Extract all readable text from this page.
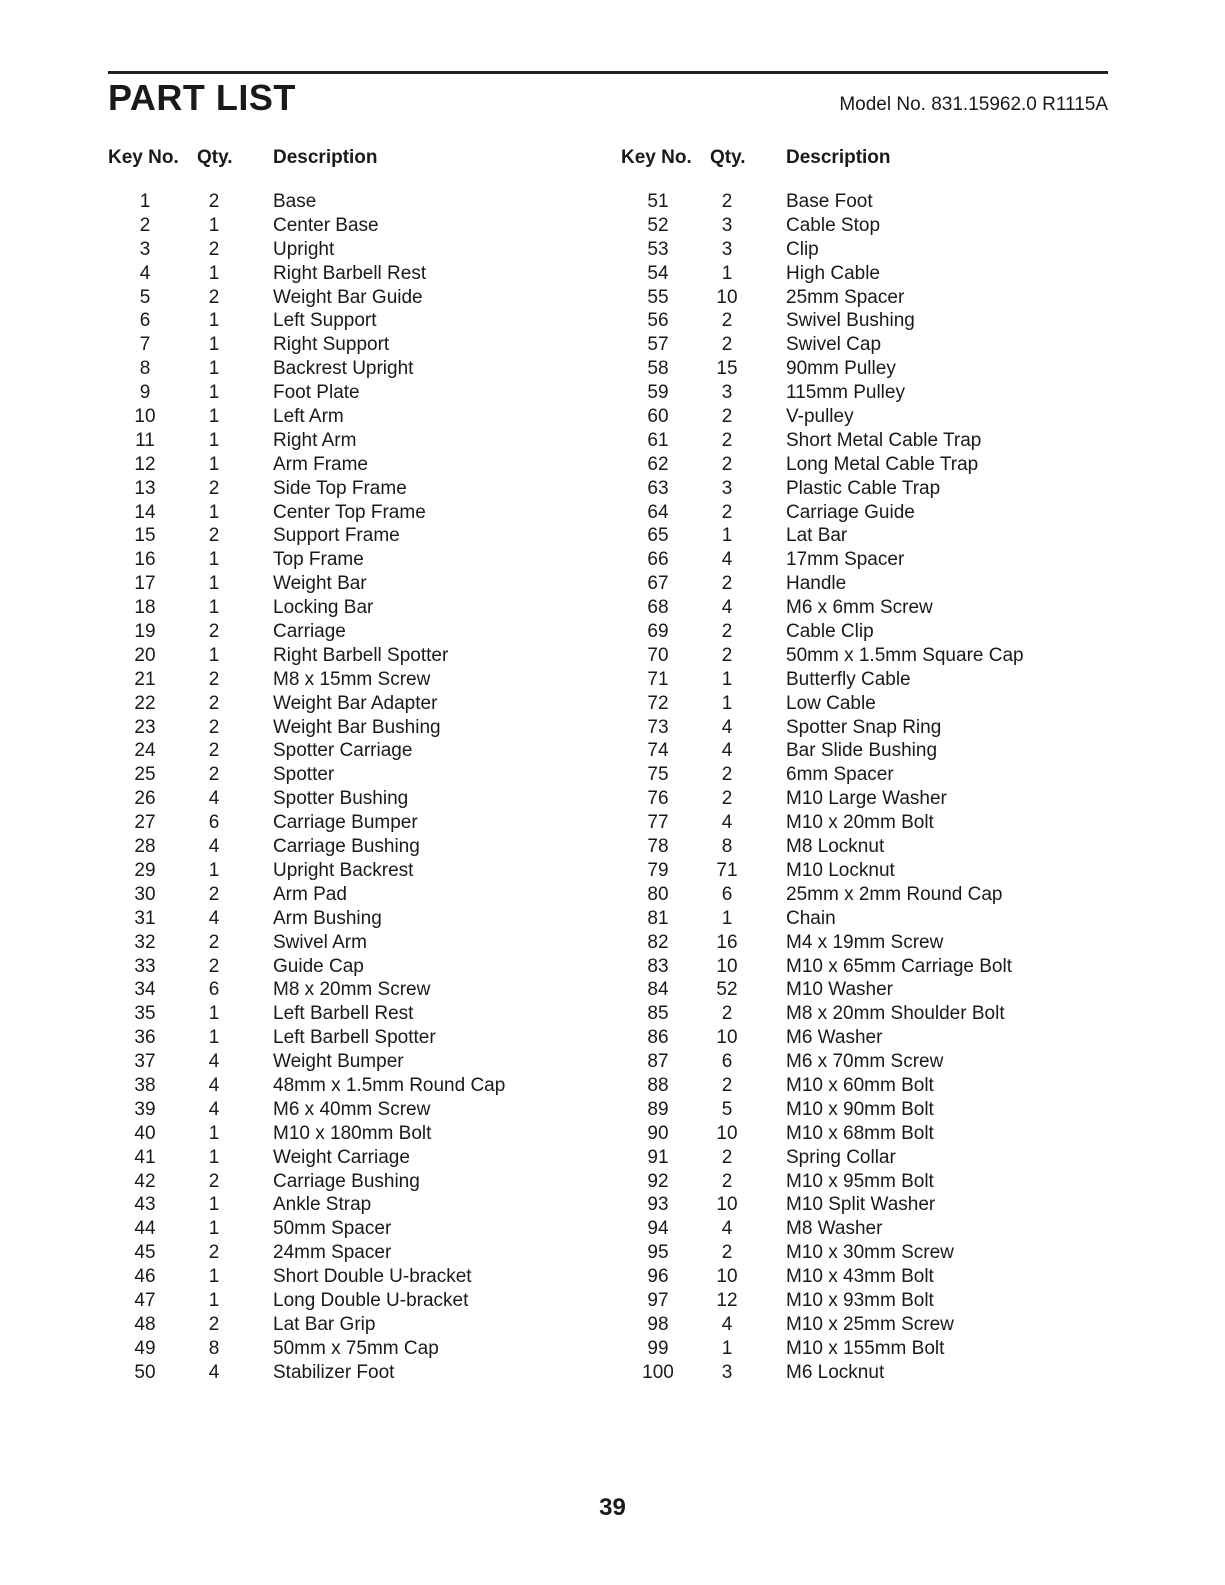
PART LIST	Model No. 831.15962.0 R1115A
Key No. Qty. Description
1	2	Base
2	1	Center Base
3	2	Upright
4	1	Right Barbell Rest
5	2	Weight Bar Guide
6	1	Left Support
7	1	Right Support
8	1	Backrest Upright
9	1	Foot Plate
10	1	Left Arm
11	1	Right Arm
12	1	Arm Frame
13	2	Side Top Frame
14	1	Center Top Frame
15	2	Support Frame
16	1	Top Frame
17	1	Weight Bar
18	1	Locking Bar
19	2	Carriage
20	1	Right Barbell Spotter
21	2	M8 x 15mm Screw
22	2	Weight Bar Adapter
23	2	Weight Bar Bushing
24	2	Spotter Carriage
25	2	Spotter
26	4	Spotter Bushing
27	6	Carriage Bumper
28	4	Carriage Bushing
29	1	Upright Backrest
30	2	Arm Pad
31	4	Arm Bushing
32	2	Swivel Arm
33	2	Guide Cap
34	6	M8 x 20mm Screw
35	1	Left Barbell Rest
36	1	Left Barbell Spotter
37	4	Weight Bumper
38	4	48mm x 1.5mm Round Cap
39	4	M6 x 40mm Screw
40	1	M10 x 180mm Bolt
41	1	Weight Carriage
42	2	Carriage Bushing
43	1	Ankle Strap
44	1	50mm Spacer
45	2	24mm Spacer
46	1	Short Double U-bracket
47	1	Long Double U-bracket
48	2	Lat Bar Grip
49	8	50mm x 75mm Cap
50	4	Stabilizer Foot
Key No. Qty. Description
51	2	Base Foot
52	3	Cable Stop
53	3	Clip
54	1	High Cable
55	10	25mm Spacer
56	2	Swivel Bushing
57	2	Swivel Cap
58	15	90mm Pulley
59	3	115mm Pulley
60	2	V-pulley
61	2	Short Metal Cable Trap
62	2	Long Metal Cable Trap
63	3	Plastic Cable Trap
64	2	Carriage Guide
65	1	Lat Bar
66	4	17mm Spacer
67	2	Handle
68	4	M6 x 6mm Screw
69	2	Cable Clip
70	2	50mm x 1.5mm Square Cap
71	1	Butterfly Cable
72	1	Low Cable
73	4	Spotter Snap Ring
74	4	Bar Slide Bushing
75	2	6mm Spacer
76	2	M10 Large Washer
77	4	M10 x 20mm Bolt
78	8	M8 Locknut
79	71	M10 Locknut
80	6	25mm x 2mm Round Cap
81	1	Chain
82	16	M4 x 19mm Screw
83	10	M10 x 65mm Carriage Bolt
84	52	M10 Washer
85	2	M8 x 20mm Shoulder Bolt
86	10	M6 Washer
87	6	M6 x 70mm Screw
88	2	M10 x 60mm Bolt
89	5	M10 x 90mm Bolt
90	10	M10 x 68mm Bolt
91	2	Spring Collar
92	2	M10 x 95mm Bolt
93	10	M10 Split Washer
94	4	M8 Washer
95	2	M10 x 30mm Screw
96	10	M10 x 43mm Bolt
97	12	M10 x 93mm Bolt
98	4	M10 x 25mm Screw
99	1	M10 x 155mm Bolt
100	3	M6 Locknut
39
